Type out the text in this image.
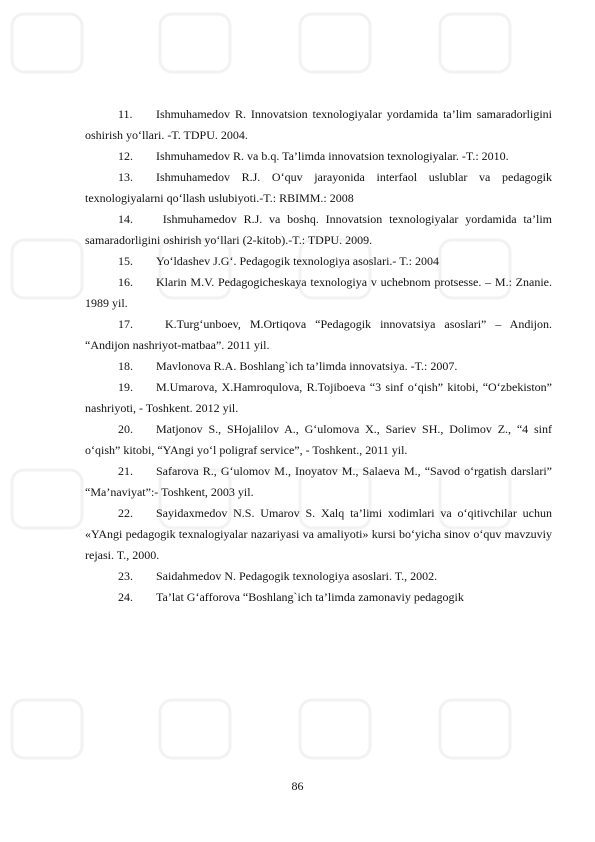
11. Ishmuhamedov R. Innovatsion texnologiyalar yordamida ta’lim samaradorligini oshirish yo‘llari. -T. TDPU. 2004.
12. Ishmuhamedov R. va b.q. Ta’limda innovatsion texnologiyalar. -T.: 2010.
13. Ishmuhamedov R.J. O‘quv jarayonida interfaol uslublar va pedagogik texnologiyalarni qo‘llash uslubiyoti.-T.: RBIMM.: 2008
14. Ishmuhamedov R.J. va boshq. Innovatsion texnologiyalar yordamida ta’lim samaradorligini oshirish yo‘llari (2-kitob).-T.: TDPU. 2009.
15. Yo‘ldashev J.G‘. Pedagogik texnologiya asoslari.- T.: 2004
16. Klarin M.V. Pedagogicheskaya texnologiya v uchebnom protsesse. – M.: Znanie. 1989 yil.
17. K.Turg‘unboev, M.Ortiqova “Pedagogik innovatsiya asoslari” – Andijon. “Andijon nashriyot-matbaa”. 2011 yil.
18. Mavlonova R.A. Boshlang`ich ta’limda innovatsiya. -T.: 2007.
19. M.Umarova, X.Hamroqulova, R.Tojiboeva “3 sinf o‘qish” kitobi, “O‘zbekiston” nashriyoti, - Toshkent. 2012 yil.
20. Matjonov S., SHojalilov A., G‘ulomova X., Sariev SH., Dolimov Z., “4 sinf o‘qish” kitobi, “YAngi yo‘l poligraf service”, - Toshkent., 2011 yil.
21. Safarova R., G‘ulomov M., Inoyatov M., Salaeva M., “Savod o‘rgatish darslari” “Ma’naviyat”:- Toshkent, 2003 yil.
22. Sayidaxmedov N.S. Umarov S. Xalq ta’limi xodimlari va o‘qitivchilar uchun «YAngi pedagogik texnalogiyalar nazariyasi va amaliyoti» kursi bo‘yicha sinov o‘quv mavzuviy rejasi. T., 2000.
23. Saidahmedov N. Pedagogik texnologiya asoslari. T., 2002.
24. Ta’lat G‘afforova “Boshlang`ich ta’limda zamonaviy pedagogik
86
